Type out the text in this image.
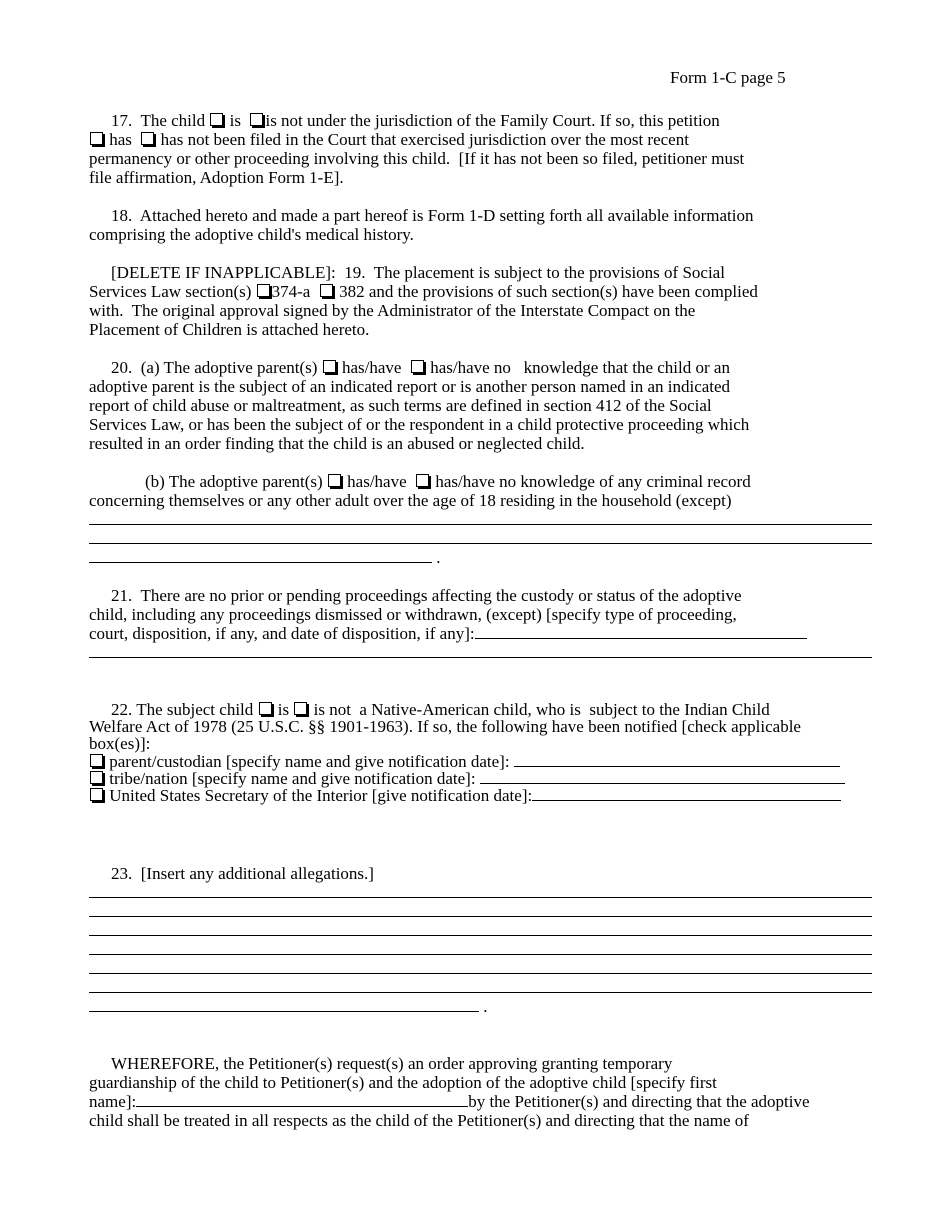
Form 1-C page 5
17.  The child  is  is not under the jurisdiction of the Family Court. If so, this petition
has   has not been filed in the Court that exercised jurisdiction over the most recent
permanency or other proceeding involving this child.  [If it has not been so filed, petitioner must
file affirmation, Adoption Form 1-E].
18.  Attached hereto and made a part hereof is Form 1-D setting forth all available information
comprising the adoptive child's medical history.
[DELETE IF INAPPLICABLE]:  19.  The placement is subject to the provisions of Social
Services Law section(s) 374-a   382 and the provisions of such section(s) have been complied
with.  The original approval signed by the Administrator of the Interstate Compact on the
Placement of Children is attached hereto.
20.  (a) The adoptive parent(s)  has/have   has/have no   knowledge that the child or an
adoptive parent is the subject of an indicated report or is another person named in an indicated
report of child abuse or maltreatment, as such terms are defined in section 412 of the Social
Services Law, or has been the subject of or the respondent in a child protective proceeding which
resulted in an order finding that the child is an abused or neglected child.
(b) The adoptive parent(s)  has/have   has/have no knowledge of any criminal record
concerning themselves or any other adult over the age of 18 residing in the household (except)
.
21.  There are no prior or pending proceedings affecting the custody or status of the adoptive
child, including any proceedings dismissed or withdrawn, (except) [specify type of proceeding,
court, disposition, if any, and date of disposition, if any]:
22. The subject child  is  is not  a Native-American child, who is  subject to the Indian Child
Welfare Act of 1978 (25 U.S.C. §§ 1901-1963). If so, the following have been notified [check applicable
box(es)]:
parent/custodian [specify name and give notification date]:
tribe/nation [specify name and give notification date]:
United States Secretary of the Interior [give notification date]:
23.  [Insert any additional allegations.]
.
WHEREFORE, the Petitioner(s) request(s) an order approving granting temporary
guardianship of the child to Petitioner(s) and the adoption of the adoptive child [specify first
name]:	by the Petitioner(s) and directing that the adoptive
child shall be treated in all respects as the child of the Petitioner(s) and directing that the name of
